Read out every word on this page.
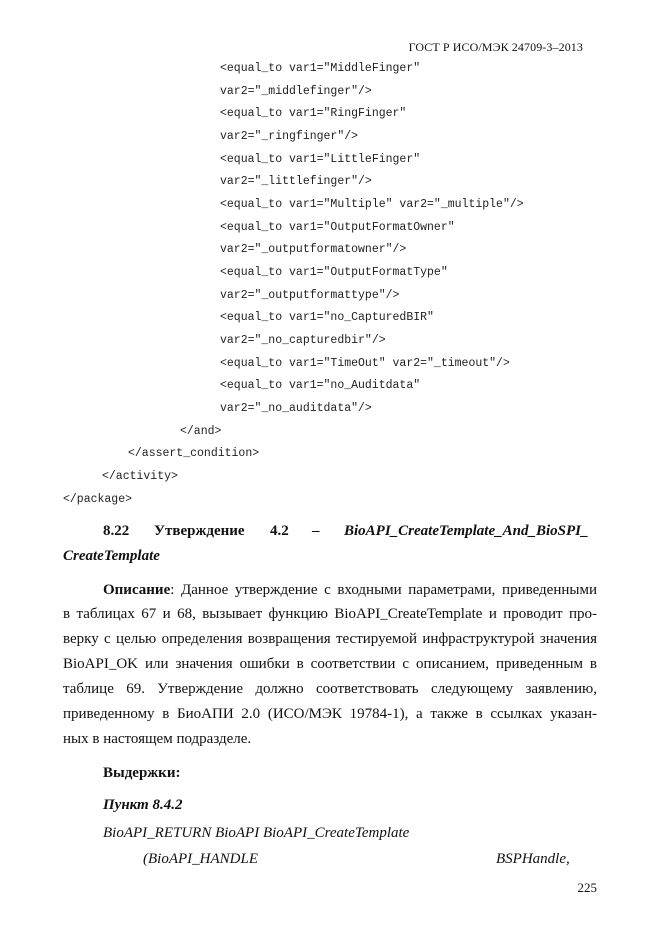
ГОСТ Р ИСО/МЭК 24709-3–2013
<equal_to var1="MiddleFinger"
var2="_middlefinger"/>
<equal_to var1="RingFinger"
var2="_ringfinger"/>
<equal_to var1="LittleFinger"
var2="_littlefinger"/>
<equal_to var1="Multiple" var2="_multiple"/>
<equal_to var1="OutputFormatOwner"
var2="_outputformatowner"/>
<equal_to var1="OutputFormatType"
var2="_outputformattype"/>
<equal_to var1="no_CapturedBIR"
var2="_no_capturedbir"/>
<equal_to var1="TimeOut" var2="_timeout"/>
<equal_to var1="no_Auditdata"
var2="_no_auditdata"/>
</and>
</assert_condition>
</activity>
</package>
8.22 Утверждение 4.2 – BioAPI_CreateTemplate_And_BioSPI_
CreateTemplate
Описание: Данное утверждение с входными параметрами, приведенными
в таблицах 67 и 68, вызывает функцию BioAPI_CreateTemplate и проводит про-
верку с целью определения возвращения тестируемой инфраструктурой значения
BioAPI_OK или значения ошибки в соответствии с описанием, приведенным в
таблице 69. Утверждение должно соответствовать следующему заявлению,
приведенному в БиоАПИ 2.0 (ИСО/МЭК 19784-1), а также в ссылках указан-
ных в настоящем подразделе.
Выдержки:
Пункт 8.4.2
BioAPI_RETURN BioAPI BioAPI_CreateTemplate
(BioAPI_HANDLE	BSPHandle,
225
